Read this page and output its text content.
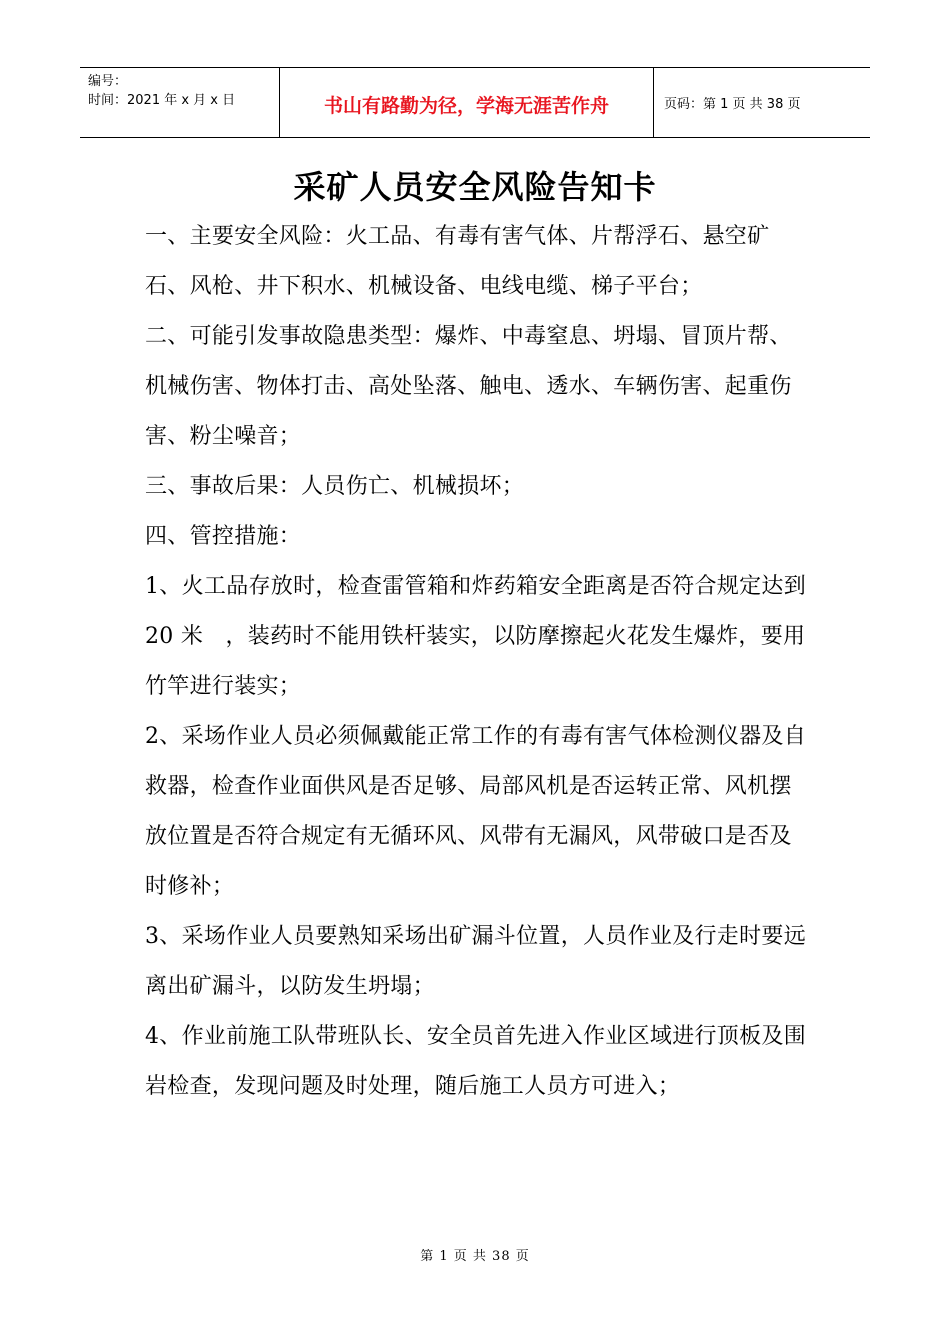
编号：
时间：2021 年 x 月 x 日	书山有路勤为径，学海无涯苦作舟	页码：第 1 页 共 38 页
采矿人员安全风险告知卡

一、主要安全风险：火工品、有毒有害气体、片帮浮石、悬空矿石、风枪、井下积水、机械设备、电线电缆、梯子平台；

二、可能引发事故隐患类型：爆炸、中毒窒息、坍塌、冒顶片帮、机械伤害、物体打击、高处坠落、触电、透水、车辆伤害、起重伤害、粉尘噪音；

三、事故后果：人员伤亡、机械损坏；

四、管控措施：

1、火工品存放时，检查雷管箱和炸药箱安全距离是否符合规定达到 20 米　，装药时不能用铁杆装实，以防摩擦起火花发生爆炸，要用竹竿进行装实；

2、采场作业人员必须佩戴能正常工作的有毒有害气体检测仪器及自救器，检查作业面供风是否足够、局部风机是否运转正常、风机摆放位置是否符合规定有无循环风、风带有无漏风，风带破口是否及时修补；

3、采场作业人员要熟知采场出矿漏斗位置，人员作业及行走时要远离出矿漏斗，以防发生坍塌；

4、作业前施工队带班队长、安全员首先进入作业区域进行顶板及围岩检查，发现问题及时处理，随后施工人员方可进入；

第 1 页 共 38 页
